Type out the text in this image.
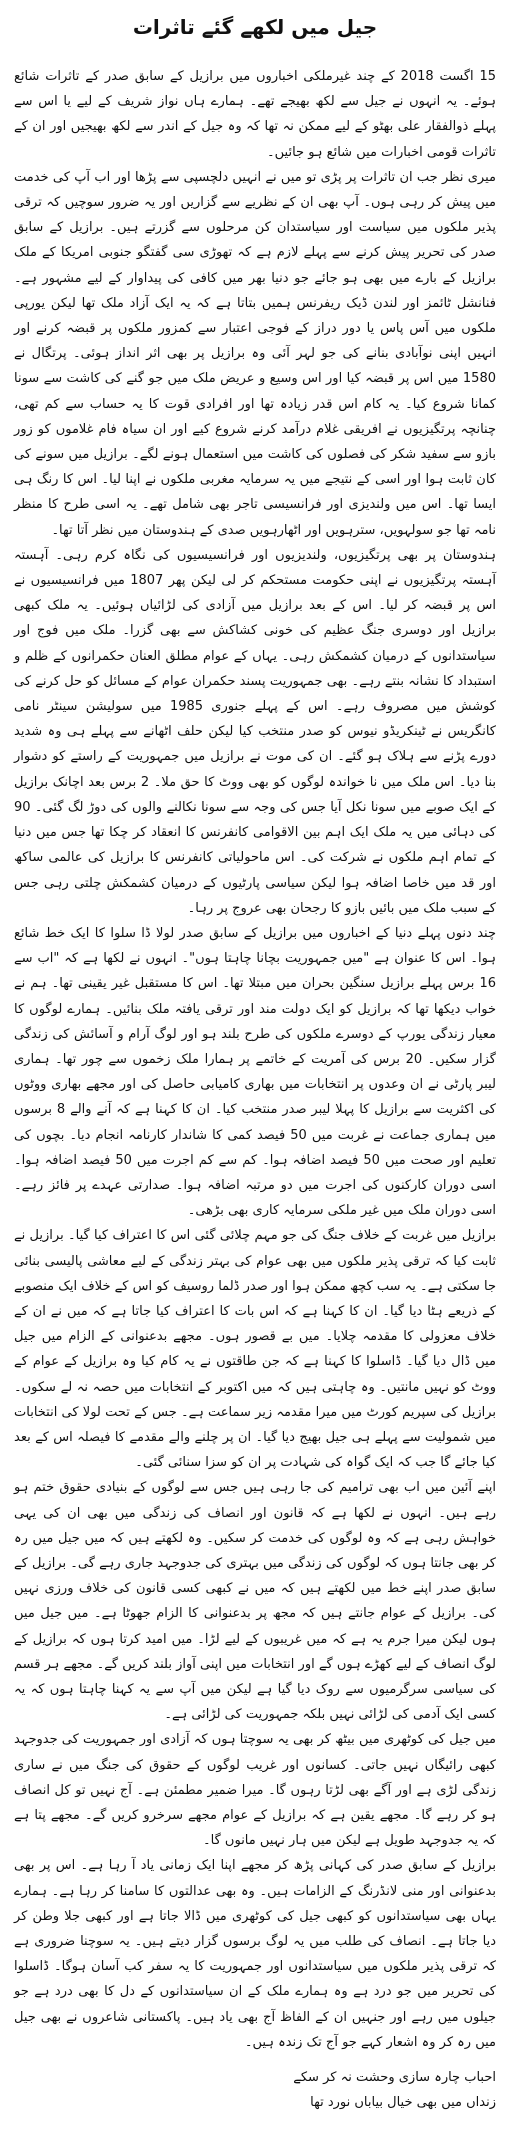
جیل میں لکھے گئے تاثرات

15 اگست 2018 کے چند غیرملکی اخباروں میں برازیل کے سابق صدر کے تاثرات شائع ہوئے۔ یہ انہوں نے جیل سے لکھ بھیجے تھے۔ ہمارے ہاں نواز شریف کے لیے یا اس سے پہلے ذوالفقار علی بھٹو کے لیے ممکن نہ تھا کہ وہ جیل کے اندر سے لکھ بھیجیں اور ان کے تاثرات قومی اخبارات میں شائع ہو جائیں۔

میری نظر جب ان تاثرات پر پڑی تو میں نے انہیں دلچسپی سے پڑھا اور اب آپ کی خدمت میں پیش کر رہی ہوں۔ آپ بھی ان کے نظریے سے گزاریں اور یہ ضرور سوچیں کہ ترقی پذیر ملکوں میں سیاست اور سیاستدان کن مرحلوں سے گزرتے ہیں۔ برازیل کے سابق صدر کی تحریر پیش کرنے سے پہلے لازم ہے کہ تھوڑی سی گفتگو جنوبی امریکا کے ملک برازیل کے بارے میں بھی ہو جائے جو دنیا بھر میں کافی کی پیداوار کے لیے مشہور ہے۔ فنانشل ٹائمز اور لندن ڈیک ریفرنس ہمیں بتاتا ہے کہ یہ ایک آزاد ملک تھا لیکن یورپی ملکوں میں آس پاس یا دور دراز کے فوجی اعتبار سے کمزور ملکوں پر قبضہ کرنے اور انہیں اپنی نوآبادی بنانے کی جو لہر آئی وہ برازیل پر بھی اثر انداز ہوئی۔ پرتگال نے 1580 میں اس پر قبضہ کیا اور اس وسیع و عریض ملک میں جو گنے کی کاشت سے سونا کمانا شروع کیا۔ یہ کام اس قدر زیادہ تھا اور افرادی قوت کا یہ حساب سے کم تھی، چنانچہ پرتگیزیوں نے افریقی غلام درآمد کرنے شروع کیے اور ان سیاہ فام غلاموں کو زور بازو سے سفید شکر کی فصلوں کی کاشت میں استعمال ہونے لگے۔ برازیل میں سونے کی کان ثابت ہوا اور اسی کے نتیجے میں یہ سرمایہ مغربی ملکوں نے اپنا لیا۔ اس کا رنگ ہی ایسا تھا۔ اس میں ولندیزی اور فرانسیسی تاجر بھی شامل تھے۔ یہ اسی طرح کا منظر نامہ تھا جو سولہویں، سترہویں اور اٹھارہویں صدی کے ہندوستان میں نظر آتا تھا۔

ہندوستان پر بھی پرتگیزیوں، ولندیزیوں اور فرانسیسیوں کی نگاہ کرم رہی۔ آہستہ آہستہ پرتگیزیوں نے اپنی حکومت مستحکم کر لی لیکن پھر 1807 میں فرانسیسیوں نے اس پر قبضہ کر لیا۔ اس کے بعد برازیل میں آزادی کی لڑائیاں ہوئیں۔ یہ ملک کبھی برازیل اور دوسری جنگ عظیم کی خونی کشاکش سے بھی گزرا۔ ملک میں فوج اور سیاستدانوں کے درمیان کشمکش رہی۔ یہاں کے عوام مطلق العنان حکمرانوں کے ظلم و استبداد کا نشانہ بنتے رہے۔ بھی جمہوریت پسند حکمران عوام کے مسائل کو حل کرنے کی کوشش میں مصروف رہے۔ اس کے پہلے جنوری 1985 میں سولیشن سینٹر نامی کانگریس نے ٹینکریڈو نیوس کو صدر منتخب کیا لیکن حلف اٹھانے سے پہلے ہی وہ شدید دورے پڑنے سے ہلاک ہو گئے۔ ان کی موت نے برازیل میں جمہوریت کے راستے کو دشوار بنا دیا۔ اس ملک میں نا خواندہ لوگوں کو بھی ووٹ کا حق ملا۔ 2 برس بعد اچانک برازیل کے ایک صوبے میں سونا نکل آیا جس کی وجہ سے سونا نکالنے والوں کی دوڑ لگ گئی۔ 90 کی دہائی میں یہ ملک ایک اہم بین الاقوامی کانفرنس کا انعقاد کر چکا تھا جس میں دنیا کے تمام اہم ملکوں نے شرکت کی۔ اس ماحولیاتی کانفرنس کا برازیل کی عالمی ساکھ اور قد میں خاصا اضافہ ہوا لیکن سیاسی پارٹیوں کے درمیان کشمکش چلتی رہی جس کے سبب ملک میں بائیں بازو کا رجحان بھی عروج پر رہا۔

چند دنوں پہلے دنیا کے اخباروں میں برازیل کے سابق صدر لولا ڈا سلوا کا ایک خط شائع ہوا۔ اس کا عنوان ہے "میں جمہوریت بچانا چاہتا ہوں"۔ انہوں نے لکھا ہے کہ "اب سے 16 برس پہلے برازیل سنگین بحران میں مبتلا تھا۔ اس کا مستقبل غیر یقینی تھا۔ ہم نے خواب دیکھا تھا کہ برازیل کو ایک دولت مند اور ترقی یافتہ ملک بنائیں۔ ہمارے لوگوں کا معیار زندگی یورپ کے دوسرے ملکوں کی طرح بلند ہو اور لوگ آرام و آسائش کی زندگی گزار سکیں۔ 20 برس کی آمریت کے خاتمے پر ہمارا ملک زخموں سے چور تھا۔ ہماری لیبر پارٹی نے ان وعدوں پر انتخابات میں بھاری کامیابی حاصل کی اور مجھے بھاری ووٹوں کی اکثریت سے برازیل کا پہلا لیبر صدر منتخب کیا۔ ان کا کہنا ہے کہ آنے والے 8 برسوں میں ہماری جماعت نے غربت میں 50 فیصد کمی کا شاندار کارنامہ انجام دیا۔ بچوں کی تعلیم اور صحت میں 50 فیصد اضافہ ہوا۔ کم سے کم اجرت میں 50 فیصد اضافہ ہوا۔ اسی دوران کارکنوں کی اجرت میں دو مرتبہ اضافہ ہوا۔ صدارتی عہدے پر فائز رہے۔ اسی دوران ملک میں غیر ملکی سرمایہ کاری بھی بڑھی۔

برازیل میں غربت کے خلاف جنگ کی جو مہم چلائی گئی اس کا اعتراف کیا گیا۔ برازیل نے ثابت کیا کہ ترقی پذیر ملکوں میں بھی عوام کی بہتر زندگی کے لیے معاشی پالیسی بنائی جا سکتی ہے۔ یہ سب کچھ ممکن ہوا اور صدر ڈلما روسیف کو اس کے خلاف ایک منصوبے کے ذریعے ہٹا دیا گیا۔ ان کا کہنا ہے کہ اس بات کا اعتراف کیا جاتا ہے کہ میں نے ان کے خلاف معزولی کا مقدمہ چلایا۔ میں بے قصور ہوں۔ مجھے بدعنوانی کے الزام میں جیل میں ڈال دیا گیا۔ ڈاسلوا کا کہنا ہے کہ جن طاقتوں نے یہ کام کیا وہ برازیل کے عوام کے ووٹ کو نہیں مانتیں۔ وہ چاہتی ہیں کہ میں اکتوبر کے انتخابات میں حصہ نہ لے سکوں۔ برازیل کی سپریم کورٹ میں میرا مقدمہ زیر سماعت ہے۔ جس کے تحت لولا کی انتخابات میں شمولیت سے پہلے ہی جیل بھیج دیا گیا۔ ان پر چلنے والے مقدمے کا فیصلہ اس کے بعد کیا جائے گا جب کہ ایک گواہ کی شہادت پر ان کو سزا سنائی گئی۔

اپنے آئین میں اب بھی ترامیم کی جا رہی ہیں جس سے لوگوں کے بنیادی حقوق ختم ہو رہے ہیں۔ انہوں نے لکھا ہے کہ قانون اور انصاف کی زندگی میں بھی ان کی یہی خواہش رہی ہے کہ وہ لوگوں کی خدمت کر سکیں۔ وہ لکھتے ہیں کہ میں جیل میں رہ کر بھی جانتا ہوں کہ لوگوں کی زندگی میں بہتری کی جدوجہد جاری رہے گی۔ برازیل کے سابق صدر اپنے خط میں لکھتے ہیں کہ میں نے کبھی کسی قانون کی خلاف ورزی نہیں کی۔ برازیل کے عوام جانتے ہیں کہ مجھ پر بدعنوانی کا الزام جھوٹا ہے۔ میں جیل میں ہوں لیکن میرا جرم یہ ہے کہ میں غریبوں کے لیے لڑا۔ میں امید کرتا ہوں کہ برازیل کے لوگ انصاف کے لیے کھڑے ہوں گے اور انتخابات میں اپنی آواز بلند کریں گے۔ مجھے ہر قسم کی سیاسی سرگرمیوں سے روک دیا گیا ہے لیکن میں آپ سے یہ کہنا چاہتا ہوں کہ یہ کسی ایک آدمی کی لڑائی نہیں بلکہ جمہوریت کی لڑائی ہے۔

میں جیل کی کوٹھری میں بیٹھ کر بھی یہ سوچتا ہوں کہ آزادی اور جمہوریت کی جدوجہد کبھی رائیگاں نہیں جاتی۔ کسانوں اور غریب لوگوں کے حقوق کی جنگ میں نے ساری زندگی لڑی ہے اور آگے بھی لڑتا رہوں گا۔ میرا ضمیر مطمئن ہے۔ آج نہیں تو کل انصاف ہو کر رہے گا۔ مجھے یقین ہے کہ برازیل کے عوام مجھے سرخرو کریں گے۔ مجھے پتا ہے کہ یہ جدوجہد طویل ہے لیکن میں ہار نہیں مانوں گا۔

برازیل کے سابق صدر کی کہانی پڑھ کر مجھے اپنا ایک زمانی یاد آ رہا ہے۔ اس پر بھی بدعنوانی اور منی لانڈرنگ کے الزامات ہیں۔ وہ بھی عدالتوں کا سامنا کر رہا ہے۔ ہمارے یہاں بھی سیاستدانوں کو کبھی جیل کی کوٹھری میں ڈالا جاتا ہے اور کبھی جلا وطن کر دیا جاتا ہے۔ انصاف کی طلب میں یہ لوگ برسوں گزار دیتے ہیں۔ یہ سوچنا ضروری ہے کہ ترقی پذیر ملکوں میں سیاستدانوں اور جمہوریت کا یہ سفر کب آسان ہوگا۔ ڈاسلوا کی تحریر میں جو درد ہے وہ ہمارے ملک کے ان سیاستدانوں کے دل کا بھی درد ہے جو جیلوں میں رہے اور جنہیں ان کے الفاظ آج بھی یاد ہیں۔ پاکستانی شاعروں نے بھی جیل میں رہ کر وہ اشعار کہے جو آج تک زندہ ہیں۔

احباب چارہ سازی وحشت نہ کر سکے
زنداں میں بھی خیال بیاباں نورد تھا
